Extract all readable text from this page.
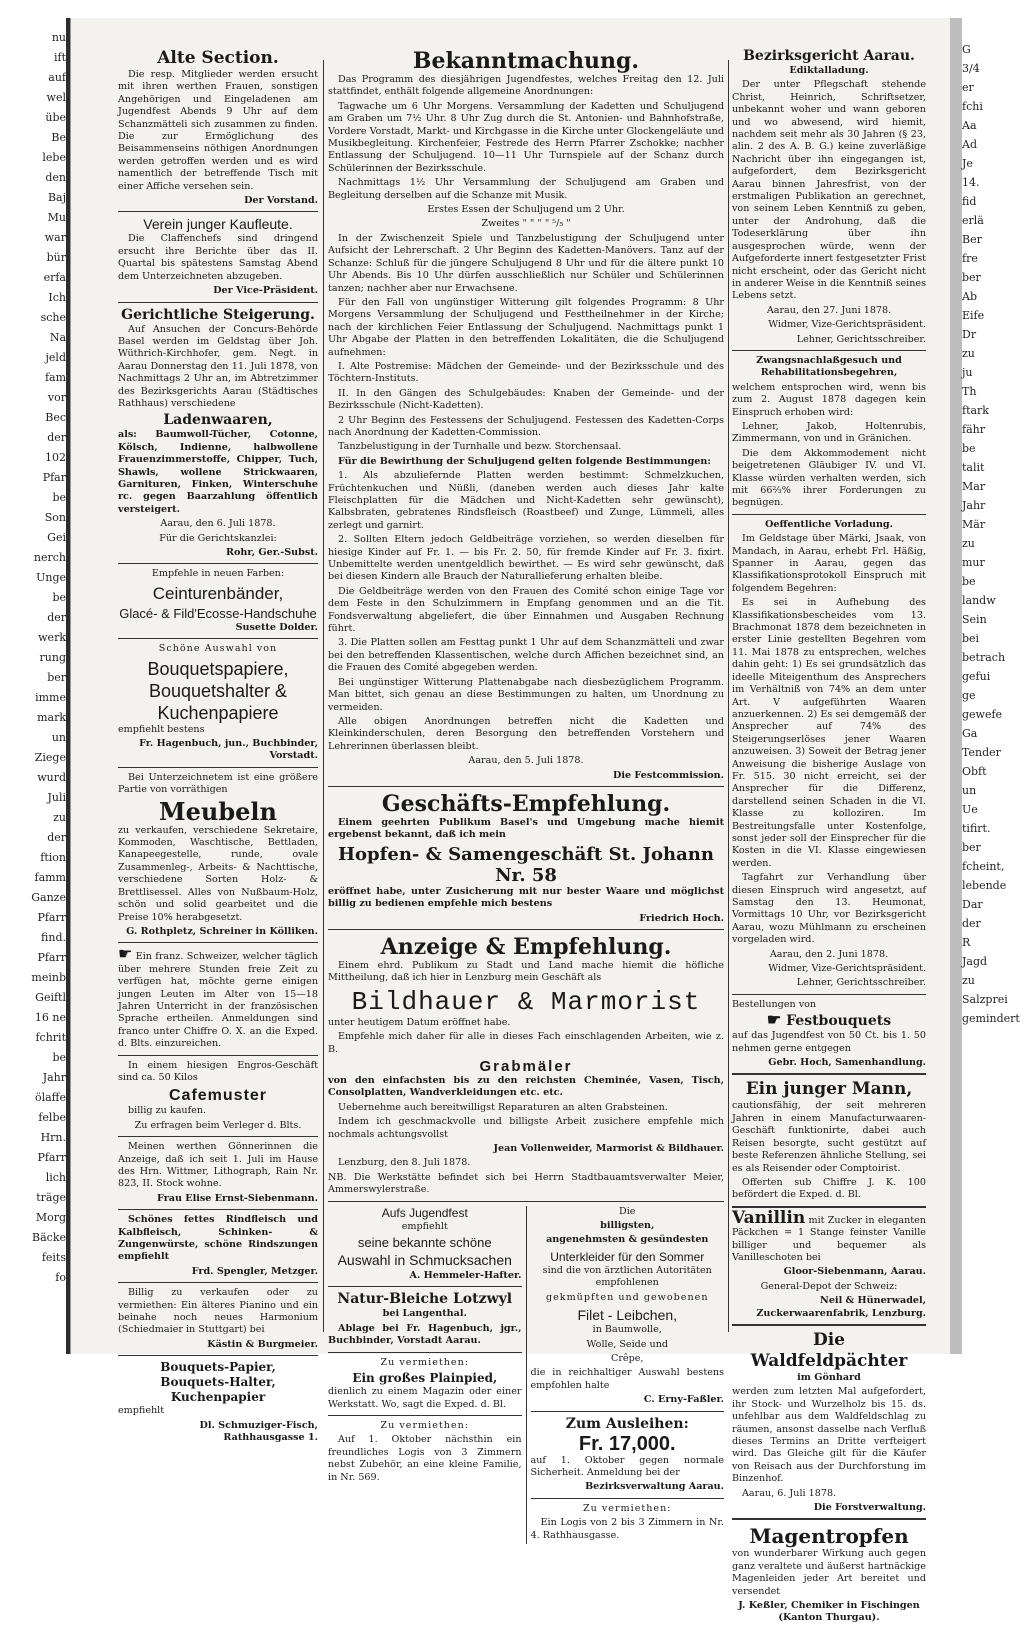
nu
ift
auf
wel
übe
Be
lebe
den
Baj
Mu
war
bür
erfa
Ich
sche
Na
jeld
fam
vor
Bec
der
102
Pfar
be
Son
Gei
nerch
Unge
be
der
werk
rung
ber
imme
mark
un
Ziege
wurd
Juli
zu
der
ftion
famm
Ganze
Pfarr
find.
Pfarr
meinb
Geiftl
16 ne
fchrit
be
Jahr
ölaffe
felbe
Hrn.
Pfarr
lich
träge
Morg
Bäcke
feits
fo
G
3/4
er
fchi
Aa
Ad
Je
14.
fid
erlä
Ber
fre
ber
Ab
Eife
Dr
zu
ju
Th
ftark
fähr
be
talit
Mar
Jahr
Mär
zu
mur
be
landw
Sein
bei
betrach
gefui
ge
gewefe
Ga
Tender
Obft
un
Ue
tifirt.
ber
fcheint,
lebende
Dar
der
R
Jagd
zu
Salzprei
gemindert
Alte Section.

Die resp. Mitglieder werden ersucht mit ihren werthen Frauen, sonstigen Angehörigen und Eingeladenen am Jugendfest Abends 9 Uhr auf dem Schanzmätteli sich zusammen zu finden. Die zur Ermöglichung des Beisammenseins nöthigen Anordnungen werden getroffen werden und es wird namentlich der betreffende Tisch mit einer Affiche versehen sein.

Der Vorstand.

Verein junger Kaufleute.

Die Claffenchefs sind dringend ersucht ihre Berichte über das II. Quartal bis spätestens Samstag Abend dem Unterzeichneten abzugeben.

Der Vice-Präsident.

Gerichtliche Steigerung.

Auf Ansuchen der Concurs-Behörde Basel werden im Geldstag über Joh. Wüthrich-Kirchhofer, gem. Negt. in Aarau Donnerstag den 11. Juli 1878, von Nachmittags 2 Uhr an, im Abtretzimmer des Bezirksgerichts Aarau (Städtisches Rathhaus) verschiedene

Ladenwaaren,

als: Baumwoll-Tücher, Cotonne, Kölsch, Indienne, halbwollene Frauenzimmerstoffe, Chipper, Tuch, Shawls, wollene Strickwaaren, Garnituren, Finken, Winterschuhe rc. gegen Baarzahlung öffentlich versteigert.

Aarau, den 6. Juli 1878.

Für die Gerichtskanzlei:

Rohr, Ger.-Subst.

Empfehle in neuen Farben:

Ceinturenbänder,
Glacé- & Fild'Ecosse-Handschuhe

Susette Dolder.

Schöne Auswahl von

Bouquetspapiere,
Bouquetshalter &
Kuchenpapiere

empfiehlt bestens

Fr. Hagenbuch, jun., Buchbinder, Vorstadt.

Bei Unterzeichnetem ist eine größere Partie von vorräthigen

Meubeln

zu verkaufen, verschiedene Sekretaire, Kommoden, Waschtische, Bettladen, Kanapeegestelle, runde, ovale Zusammenleg-, Arbeits- & Nachttische, verschiedene Sorten Holz- & Brettlisessel. Alles von Nußbaum-Holz, schön und solid gearbeitet und die Preise 10% herabgesetzt.

G. Rothpletz, Schreiner in Kölliken.

☛ Ein franz. Schweizer, welcher täglich über mehrere Stunden freie Zeit zu verfügen hat, möchte gerne einigen jungen Leuten im Alter von 15—18 Jahren Unterricht in der französischen Sprache ertheilen. Anmeldungen sind franco unter Chiffre O. X. an die Exped. d. Blts. einzureichen.

In einem hiesigen Engros-Geschäft sind ca. 50 Kilos

Cafemuster

billig zu kaufen.

Zu erfragen beim Verleger d. Blts.

Meinen werthen Gönnerinnen die Anzeige, daß ich seit 1. Juli im Hause des Hrn. Wittmer, Lithograph, Rain Nr. 823, II. Stock wohne.

Frau Elise Ernst-Siebenmann.

Schönes fettes Rindfleisch und Kalbfleisch, Schinken- & Zungenwürste, schöne Rindszungen empfiehlt

Frd. Spengler, Metzger.

Billig zu verkaufen oder zu vermiethen: Ein älteres Pianino und ein beinahe noch neues Harmonium (Schiedmaier in Stuttgart) bei

Kästin & Burgmeier.

Bouquets-Papier,
Bouquets-Halter,
Kuchenpapier

empfiehlt

Dl. Schmuziger-Fisch, Rathhausgasse 1.

Bekanntmachung.

Das Programm des diesjährigen Jugendfestes, welches Freitag den 12. Juli stattfindet, enthält folgende allgemeine Anordnungen:

Tagwache um 6 Uhr Morgens. Versammlung der Kadetten und Schuljugend am Graben um 7½ Uhr. 8 Uhr Zug durch die St. Antonien- und Bahnhofstraße, Vordere Vorstadt, Markt- und Kirchgasse in die Kirche unter Glockengeläute und Musikbegleitung. Kirchenfeier, Festrede des Herrn Pfarrer Zschokke; nachher Entlassung der Schuljugend. 10—11 Uhr Turnspiele auf der Schanz durch Schülerinnen der Bezirksschule.

Nachmittags 1½ Uhr Versammlung der Schuljugend am Graben und Begleitung derselben auf die Schanze mit Musik.

Erstes Essen der Schuljugend um 2 Uhr.

Zweites " " " " ⁵/₅ "

In der Zwischenzeit Spiele und Tanzbelustigung der Schuljugend unter Aufsicht der Lehrerschaft. 2 Uhr Beginn des Kadetten-Manövers. Tanz auf der Schanze: Schluß für die jüngere Schuljugend 8 Uhr und für die ältere punkt 10 Uhr Abends. Bis 10 Uhr dürfen ausschließlich nur Schüler und Schülerinnen tanzen; nachher aber nur Erwachsene.

Für den Fall von ungünstiger Witterung gilt folgendes Programm: 8 Uhr Morgens Versammlung der Schuljugend und Festtheilnehmer in der Kirche; nach der kirchlichen Feier Entlassung der Schuljugend. Nachmittags punkt 1 Uhr Abgabe der Platten in den betreffenden Lokalitäten, die die Schuljugend aufnehmen:

I. Alte Postremise: Mädchen der Gemeinde- und der Bezirksschule und des Töchtern-Instituts.

II. In den Gängen des Schulgebäudes: Knaben der Gemeinde- und der Bezirksschule (Nicht-Kadetten).

2 Uhr Beginn des Festessens der Schuljugend. Festessen des Kadetten-Corps nach Anordnung der Kadetten-Commission.

Tanzbelustigung in der Turnhalle und bezw. Storchensaal.

Für die Bewirthung der Schuljugend gelten folgende Bestimmungen:

1. Als abzuliefernde Platten werden bestimmt: Schmelzkuchen, Früchtenkuchen und Nüßli, (daneben werden auch dieses Jahr kalte Fleischplatten für die Mädchen und Nicht-Kadetten sehr gewünscht), Kalbsbraten, gebratenes Rindsfleisch (Roastbeef) und Zunge, Lümmeli, alles zerlegt und garnirt.

2. Sollten Eltern jedoch Geldbeiträge vorziehen, so werden dieselben für hiesige Kinder auf Fr. 1. — bis Fr. 2. 50, für fremde Kinder auf Fr. 3. fixirt. Unbemittelte werden unentgeldlich bewirthet. — Es wird sehr gewünscht, daß bei diesen Kindern alle Brauch der Naturallieferung erhalten bleibe.

Die Geldbeiträge werden von den Frauen des Comité schon einige Tage vor dem Feste in den Schulzimmern in Empfang genommen und an die Tit. Fondsverwaltung abgeliefert, die über Einnahmen und Ausgaben Rechnung führt.

3. Die Platten sollen am Festtag punkt 1 Uhr auf dem Schanzmätteli und zwar bei den betreffenden Klassentischen, welche durch Affichen bezeichnet sind, an die Frauen des Comité abgegeben werden.

Bei ungünstiger Witterung Plattenabgabe nach diesbezüglichem Programm. Man bittet, sich genau an diese Bestimmungen zu halten, um Unordnung zu vermeiden.

Alle obigen Anordnungen betreffen nicht die Kadetten und Kleinkinderschulen, deren Besorgung den betreffenden Vorstehern und Lehrerinnen überlassen bleibt.

Aarau, den 5. Juli 1878.

Die Festcommission.

Geschäfts-Empfehlung.

Einem geehrten Publikum Basel's und Umgebung mache hiemit ergebenst bekannt, daß ich mein

Hopfen- & Samengeschäft St. Johann Nr. 58

eröffnet habe, unter Zusicherung mit nur bester Waare und möglichst billig zu bedienen empfehle mich bestens

Friedrich Hoch.

Anzeige & Empfehlung.

Einem ehrd. Publikum zu Stadt und Land mache hiemit die höfliche Mittheilung, daß ich hier in Lenzburg mein Geschäft als

Bildhauer & Marmorist

unter heutigem Datum eröffnet habe.

Empfehle mich daher für alle in dieses Fach einschlagenden Arbeiten, wie z. B.

Grabmäler

von den einfachsten bis zu den reichsten Cheminée, Vasen, Tisch, Consolplatten, Wandverkleidungen etc. etc.

Uebernehme auch bereitwilligst Reparaturen an alten Grabsteinen.

Indem ich geschmackvolle und billigste Arbeit zusichere empfehle mich nochmals achtungsvollst

Jean Vollenweider, Marmorist & Bildhauer.

Lenzburg, den 8. Juli 1878.

NB. Die Werkstätte befindet sich bei Herrn Stadtbauamtsverwalter Meier, Ammerswylerstraße.

Aufs Jugendfest

empfiehlt

seine bekannte schöne
Auswahl in Schmucksachen

A. Hemmeler-Hafter.

Natur-Bleiche Lotzwyl

bei Langenthal.

Ablage bei Fr. Hagenbuch, jgr., Buchbinder, Vorstadt Aarau.

Zu vermiethen:

Ein großes Plainpied,

dienlich zu einem Magazin oder einer Werkstatt. Wo, sagt die Exped. d. Bl.

Zu vermiethen:

Auf 1. Oktober nächsthin ein freundliches Logis von 3 Zimmern nebst Zubehör, an eine kleine Familie, in Nr. 569.

Die

billigsten,

angenehmsten & gesündesten

Unterkleider für den Sommer

sind die von ärztlichen Autoritäten empfohlenen

gekmüpften und gewobenen

Filet - Leibchen,

in Baumwolle,

Wolle, Seide und

Crêpe,

die in reichhaltiger Auswahl bestens empfohlen halte

C. Erny-Faßler.

Zum Ausleihen:
Fr. 17,000.

auf 1. Oktober gegen normale Sicherheit. Anmeldung bei der

Bezirksverwaltung Aarau.

Zu vermiethen:

Ein Logis von 2 bis 3 Zimmern in Nr. 4. Rathhausgasse.

Bezirksgericht Aarau.

Ediktalladung.

Der unter Pflegschaft stehende Christ, Heinrich, Schriftsetzer, unbekannt woher und wann geboren und wo abwesend, wird hiemit, nachdem seit mehr als 30 Jahren (§ 23, alin. 2 des A. B. G.) keine zuverläßige Nachricht über ihn eingegangen ist, aufgefordert, dem Bezirksgericht Aarau binnen Jahresfrist, von der erstmaligen Publikation an gerechnet, von seinem Leben Kenntniß zu geben, unter der Androhung, daß die Todeserklärung über ihn ausgesprochen würde, wenn der Aufgeforderte innert festgesetzter Frist nicht erscheint, oder das Gericht nicht in anderer Weise in die Kenntniß seines Lebens setzt.

Aarau, den 27. Juni 1878.

Widmer, Vize-Gerichtspräsident.

Lehner, Gerichtsschreiber.

Zwangsnachlaßgesuch und Rehabilitationsbegehren,

welchem entsprochen wird, wenn bis zum 2. August 1878 dagegen kein Einspruch erhoben wird:

Lehner, Jakob, Holtenrubis, Zimmermann, von und in Gränichen.

Die dem Akkommodement nicht beigetretenen Gläubiger IV. und VI. Klasse würden verhalten werden, sich mit 66⅔% ihrer Forderungen zu begnügen.

Oeffentliche Vorladung.

Im Geldstage über Märki, Jsaak, von Mandach, in Aarau, erhebt Frl. Häßig, Spanner in Aarau, gegen das Klassifikationsprotokoll Einspruch mit folgendem Begehren:

Es sei in Aufhebung des Klassifikationsbescheides vom 13. Brachmonat 1878 dem bezeichneten in erster Linie gestellten Begehren vom 11. Mai 1878 zu entsprechen, welches dahin geht: 1) Es sei grundsätzlich das ideelle Miteigenthum des Ansprechers im Verhältniß von 74% an dem unter Art. V aufgeführten Waaren anzuerkennen. 2) Es sei demgemäß der Ansprecher auf 74% des Steigerungserlöses jener Waaren anzuweisen. 3) Soweit der Betrag jener Anweisung die bisherige Auslage von Fr. 515. 30 nicht erreicht, sei der Ansprecher für die Differenz, darstellend seinen Schaden in die VI. Klasse zu kolloziren. Im Bestreitungsfalle unter Kostenfolge, sonst jeder soll der Einsprecher für die Kosten in die VI. Klasse eingewiesen werden.

Tagfahrt zur Verhandlung über diesen Einspruch wird angesetzt, auf Samstag den 13. Heumonat, Vormittags 10 Uhr, vor Bezirksgericht Aarau, wozu Mühlmann zu erscheinen vorgeladen wird.

Aarau, den 2. Juni 1878.

Widmer, Vize-Gerichtspräsident.

Lehner, Gerichtsschreiber.

Bestellungen von

☛ Festbouquets

auf das Jugendfest von 50 Ct. bis 1. 50 nehmen gerne entgegen

Gebr. Hoch, Samenhandlung.

Ein junger Mann,

cautionsfähig, der seit mehreren Jahren in einem Manufacturwaaren-Geschäft funktionirte, dabei auch Reisen besorgte, sucht gestützt auf beste Referenzen ähnliche Stellung, sei es als Reisender oder Comptoirist.

Offerten sub Chiffre J. K. 100 befördert die Exped. d. Bl.

Vanillin mit Zucker in eleganten Päckchen = 1 Stange feinster Vanille billiger und bequemer als Vanilleschoten bei

Gloor-Siebenmann, Aarau.

General-Depot der Schweiz:

Neil & Hünerwadel, Zuckerwaarenfabrik, Lenzburg.

Die Waldfeldpächter

im Gönhard

werden zum letzten Mal aufgefordert, ihr Stock- und Wurzelholz bis 15. ds. unfehlbar aus dem Waldfeldschlag zu räumen, ansonst dasselbe nach Verfluß dieses Termins an Dritte verfteigert wird. Das Gleiche gilt für die Käufer von Reisach aus der Durchforstung im Binzenhof.

Aarau, 6. Juli 1878.

Die Forstverwaltung.

Magentropfen

von wunderbarer Wirkung auch gegen ganz veraltete und äußerst hartnäckige Magenleiden jeder Art bereitet und versendet

J. Keßler, Chemiker in Fischingen (Kanton Thurgau).
